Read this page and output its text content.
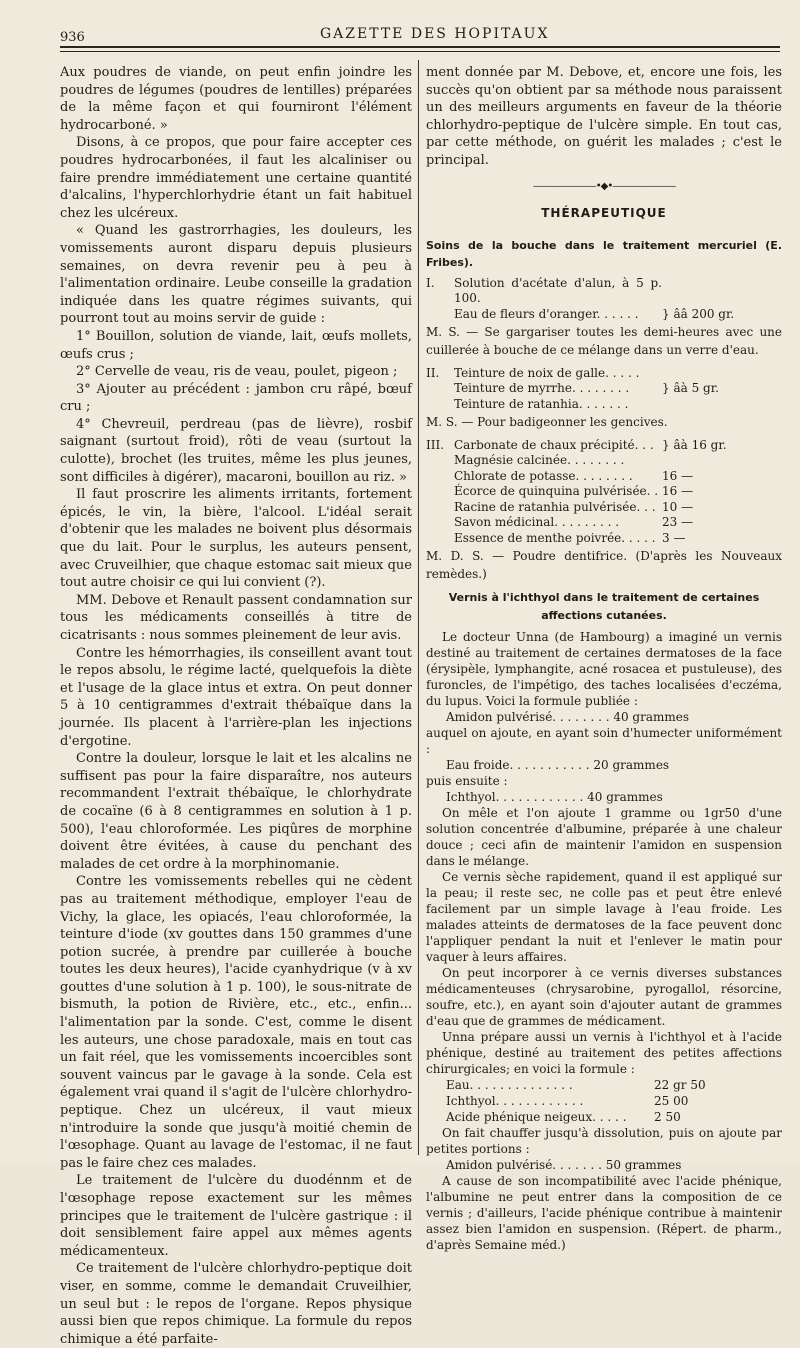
936	GAZETTE DES HOPITAUX

Aux poudres de viande, on peut enfin joindre les poudres de légumes (poudres de lentilles) préparées de la même façon et qui fourniront l'élément hydrocarboné. »

Disons, à ce propos, que pour faire accepter ces poudres hydrocarbonées, il faut les alcaliniser ou faire prendre immédiatement une certaine quantité d'alcalins, l'hyperchlorhydrie étant un fait habituel chez les ulcéreux.

« Quand les gastrorrhagies, les douleurs, les vomissements auront disparu depuis plusieurs semaines, on devra revenir peu à peu à l'alimentation ordinaire. Leube conseille la gradation indiquée dans les quatre régimes suivants, qui pourront tout au moins servir de guide :

1° Bouillon, solution de viande, lait, œufs mollets, œufs crus ;

2° Cervelle de veau, ris de veau, poulet, pigeon ;

3° Ajouter au précédent : jambon cru râpé, bœuf cru ;

4° Chevreuil, perdreau (pas de lièvre), rosbif saignant (surtout froid), rôti de veau (surtout la culotte), brochet (les truites, même les plus jeunes, sont difficiles à digérer), macaroni, bouillon au riz. »

Il faut proscrire les aliments irritants, fortement épicés, le vin, la bière, l'alcool. L'idéal serait d'obtenir que les malades ne boivent plus désormais que du lait. Pour le surplus, les auteurs pensent, avec Cruveilhier, que chaque estomac sait mieux que tout autre choisir ce qui lui convient (?).

MM. Debove et Renault passent condamnation sur tous les médicaments conseillés à titre de cicatrisants : nous sommes pleinement de leur avis.

Contre les hémorrhagies, ils conseillent avant tout le repos absolu, le régime lacté, quelquefois la diète et l'usage de la glace intus et extra. On peut donner 5 à 10 centigrammes d'extrait thébaïque dans la journée. Ils placent à l'arrière-plan les injections d'ergotine.

Contre la douleur, lorsque le lait et les alcalins ne suffisent pas pour la faire disparaître, nos auteurs recommandent l'extrait thébaïque, le chlorhydrate de cocaïne (6 à 8 centigrammes en solution à 1 p. 500), l'eau chloroformée. Les piqûres de morphine doivent être évitées, à cause du penchant des malades de cet ordre à la morphinomanie.

Contre les vomissements rebelles qui ne cèdent pas au traitement méthodique, employer l'eau de Vichy, la glace, les opiacés, l'eau chloroformée, la teinture d'iode (xv gouttes dans 150 grammes d'une potion sucrée, à prendre par cuillerée à bouche toutes les deux heures), l'acide cyanhydrique (v à xv gouttes d'une solution à 1 p. 100), le sous-nitrate de bismuth, la potion de Rivière, etc., etc., enfin... l'alimentation par la sonde. C'est, comme le disent les auteurs, une chose paradoxale, mais en tout cas un fait réel, que les vomissements incoercibles sont souvent vaincus par le gavage à la sonde. Cela est également vrai quand il s'agit de l'ulcère chlorhydro-peptique. Chez un ulcéreux, il vaut mieux n'introduire la sonde que jusqu'à moitié chemin de l'œsophage. Quant au lavage de l'estomac, il ne faut pas le faire chez ces malades.

Le traitement de l'ulcère du duodénnm et de l'œsophage repose exactement sur les mêmes principes que le traitement de l'ulcère gastrique : il doit sensiblement faire appel aux mêmes agents médicamenteux.

Ce traitement de l'ulcère chlorhydro-peptique doit viser, en somme, comme le demandait Cruveilhier, un seul but : le repos de l'organe. Repos physique aussi bien que repos chimique. La formule du repos chimique a été parfaite-

ment donnée par M. Debove, et, encore une fois, les succès qu'on obtient par sa méthode nous paraissent un des meilleurs arguments en faveur de la théorie chlorhydro-peptique de l'ulcère simple. En tout cas, par cette méthode, on guérit les malades ; c'est le principal.

———————•◆•———————
THÉRAPEUTIQUE
Soins de la bouche dans le traitement mercuriel (E. Fribes).
I.	Solution d'acétate d'alun, à 5 p. 100.
Eau de fleurs d'oranger. . . . . .	} ââ 200 gr.

M. S. — Se gargariser toutes les demi-heures avec une cuillerée à bouche de ce mélange dans un verre d'eau.

II.	Teinture de noix de galle. . . . .
Teinture de myrrhe. . . . . . . .	} âà 5 gr.
Teinture de ratanhia. . . . . . .

M. S. — Pour badigeonner les gencives.

III. Carbonate de chaux précipité. . . } âà 16 gr.
Magnésie calcinée. . . . . . . .
Chlorate de potasse. . . . . . . .	16 —
Écorce de quinquina pulvérisée. . 16 —
Racine de ratanhia pulvérisée. . . 10 —
Savon médicinal. . . . . . . . .	23 —
Essence de menthe poivrée. . . . . 3 —

M. D. S. — Poudre dentifrice. (D'après les Nouveaux remèdes.)

Vernis à l'ichthyol dans le traitement de certaines affections cutanées.

Le docteur Unna (de Hambourg) a imaginé un vernis destiné au traitement de certaines dermatoses de la face (érysipèle, lymphangite, acné rosacea et pustuleuse), des furoncles, de l'impétigo, des taches localisées d'eczéma, du lupus. Voici la formule publiée :

Amidon pulvérisé. . . . . . . . 40 grammes

auquel on ajoute, en ayant soin d'humecter uniformément :

Eau froide. . . . . . . . . . . 20 grammes

puis ensuite :

Ichthyol. . . . . . . . . . . . 40 grammes

On mêle et l'on ajoute 1 gramme ou 1gr50 d'une solution concentrée d'albumine, préparée à une chaleur douce ; ceci afin de maintenir l'amidon en suspension dans le mélange.

Ce vernis sèche rapidement, quand il est appliqué sur la peau; il reste sec, ne colle pas et peut être enlevé facilement par un simple lavage à l'eau froide. Les malades atteints de dermatoses de la face peuvent donc l'appliquer pendant la nuit et l'enlever le matin pour vaquer à leurs affaires.

On peut incorporer à ce vernis diverses substances médicamenteuses (chrysarobine, pyrogallol, résorcine, soufre, etc.), en ayant soin d'ajouter autant de grammes d'eau que de grammes de médicament.

Unna prépare aussi un vernis à l'ichthyol et à l'acide phénique, destiné au traitement des petites affections chirurgicales; en voici la formule :

Eau. . . . . . . . . . . . . .	22 gr 50
Ichthyol. . . . . . . . . . . .	25 00
Acide phénique neigeux. . . . .	2 50

On fait chauffer jusqu'à dissolution, puis on ajoute par petites portions :

Amidon pulvérisé. . . . . . . 50 grammes

A cause de son incompatibilité avec l'acide phénique, l'albumine ne peut entrer dans la composition de ce vernis ; d'ailleurs, l'acide phénique contribue à maintenir assez bien l'amidon en suspension. (Répert. de pharm., d'après Semaine méd.)
